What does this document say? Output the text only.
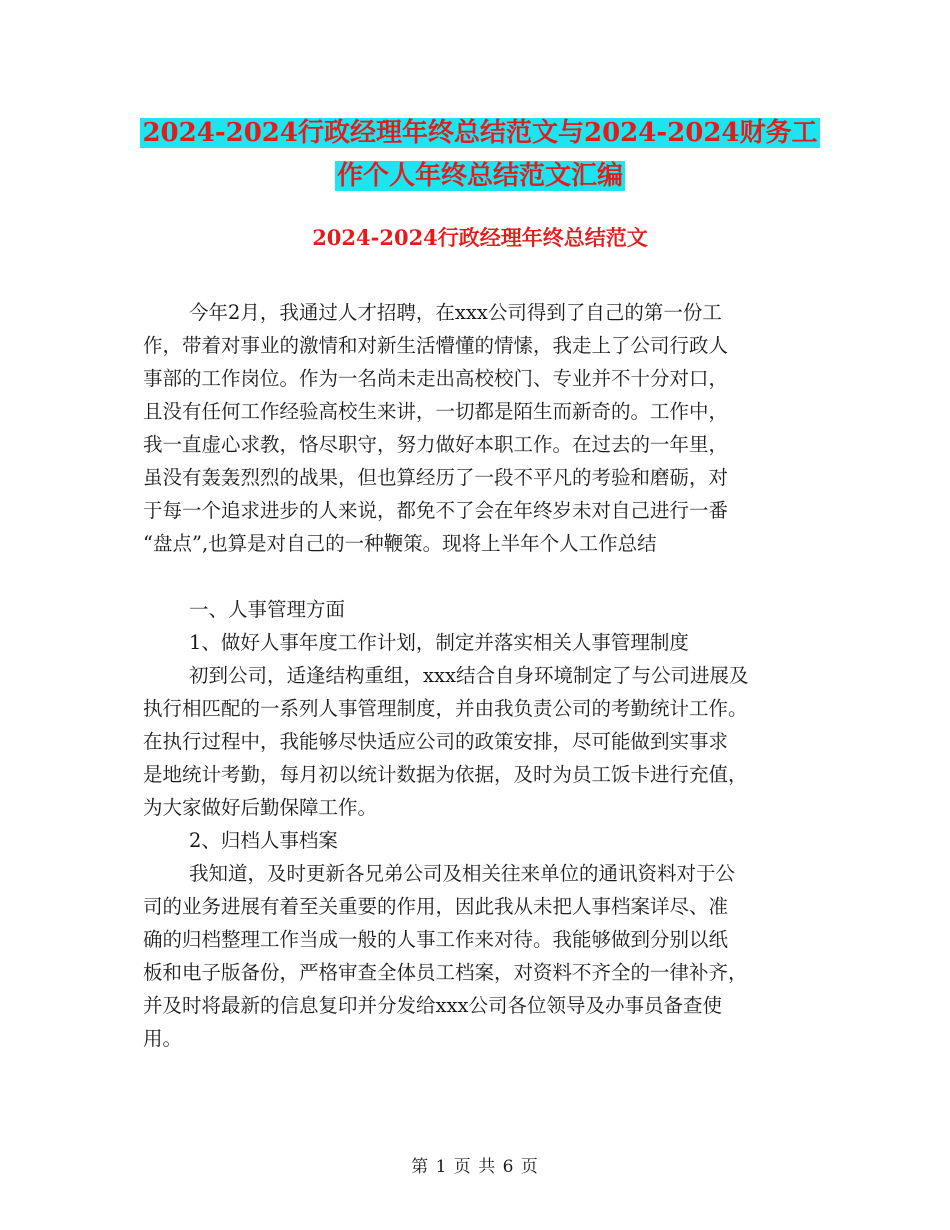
2024-2024行政经理年终总结范文与2024-2024财务工
作个人年终总结范文汇编
2024-2024行政经理年终总结范文
今年2月，我通过人才招聘，在xxx公司得到了自己的第一份工
作，带着对事业的激情和对新生活懵懂的情愫，我走上了公司行政人
事部的工作岗位。作为一名尚未走出高校校门、专业并不十分对口，
且没有任何工作经验高校生来讲，一切都是陌生而新奇的。工作中，
我一直虚心求教，恪尽职守，努力做好本职工作。在过去的一年里，
虽没有轰轰烈烈的战果，但也算经历了一段不平凡的考验和磨砺，对
于每一个追求进步的人来说，都免不了会在年终岁未对自己进行一番
“盘点”,也算是对自己的一种鞭策。现将上半年个人工作总结
一、人事管理方面
1、做好人事年度工作计划，制定并落实相关人事管理制度
初到公司，适逢结构重组，xxx结合自身环境制定了与公司进展及
执行相匹配的一系列人事管理制度，并由我负责公司的考勤统计工作。
在执行过程中，我能够尽快适应公司的政策安排，尽可能做到实事求
是地统计考勤，每月初以统计数据为依据，及时为员工饭卡进行充值，
为大家做好后勤保障工作。
2、归档人事档案
我知道，及时更新各兄弟公司及相关往来单位的通讯资料对于公
司的业务进展有着至关重要的作用，因此我从未把人事档案详尽、准
确的归档整理工作当成一般的人事工作来对待。我能够做到分别以纸
板和电子版备份，严格审查全体员工档案，对资料不齐全的一律补齐，
并及时将最新的信息复印并分发给xxx公司各位领导及办事员备查使
用。
第 1 页 共 6 页
